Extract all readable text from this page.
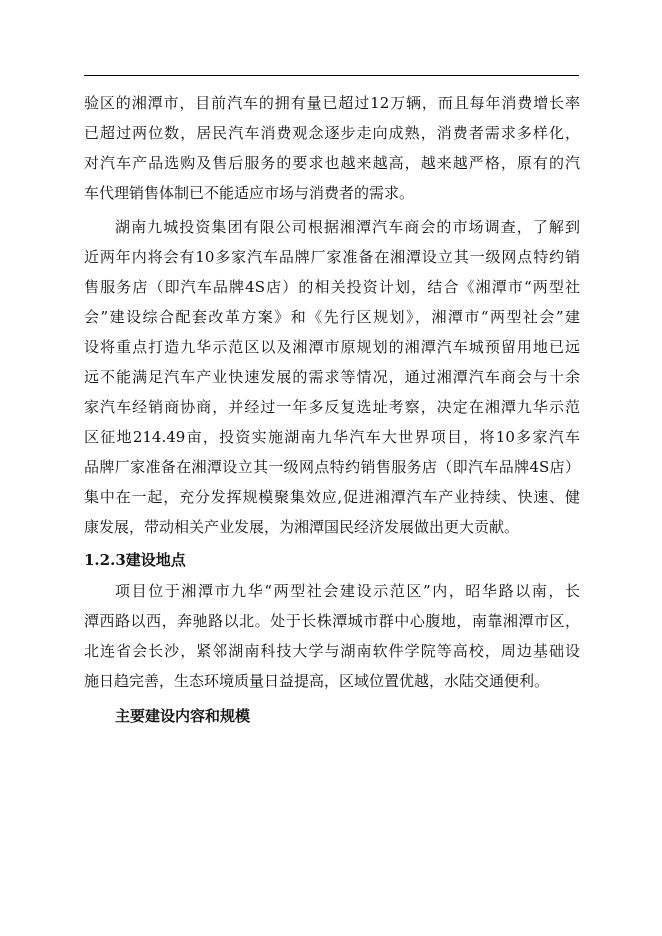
验区的湘潭市，目前汽车的拥有量已超过12万辆，而且每年消费增长率
已超过两位数，居民汽车消费观念逐步走向成熟，消费者需求多样化，
对汽车产品选购及售后服务的要求也越来越高，越来越严格，原有的汽
车代理销售体制已不能适应市场与消费者的需求。
湖南九城投资集团有限公司根据湘潭汽车商会的市场调查，了解到
近两年内将会有10多家汽车品牌厂家准备在湘潭设立其一级网点特约销
售服务店（即汽车品牌4S店）的相关投资计划，结合《湘潭市“两型社
会”建设综合配套改革方案》和《先行区规划》，湘潭市“两型社会”建
设将重点打造九华示范区以及湘潭市原规划的湘潭汽车城预留用地已远
远不能满足汽车产业快速发展的需求等情况，通过湘潭汽车商会与十余
家汽车经销商协商，并经过一年多反复选址考察，决定在湘潭九华示范
区征地214.49亩，投资实施湖南九华汽车大世界项目，将10多家汽车
品牌厂家准备在湘潭设立其一级网点特约销售服务店（即汽车品牌4S店）
集中在一起，充分发挥规模聚集效应,促进湘潭汽车产业持续、快速、健
康发展，带动相关产业发展，为湘潭国民经济发展做出更大贡献。
1.2.3建设地点
项目位于湘潭市九华“两型社会建设示范区”内，昭华路以南，长
潭西路以西，奔驰路以北。处于长株潭城市群中心腹地，南靠湘潭市区，
北连省会长沙，紧邻湖南科技大学与湖南软件学院等高校，周边基础设
施日趋完善，生态环境质量日益提高，区域位置优越，水陆交通便利。
主要建设内容和规模
